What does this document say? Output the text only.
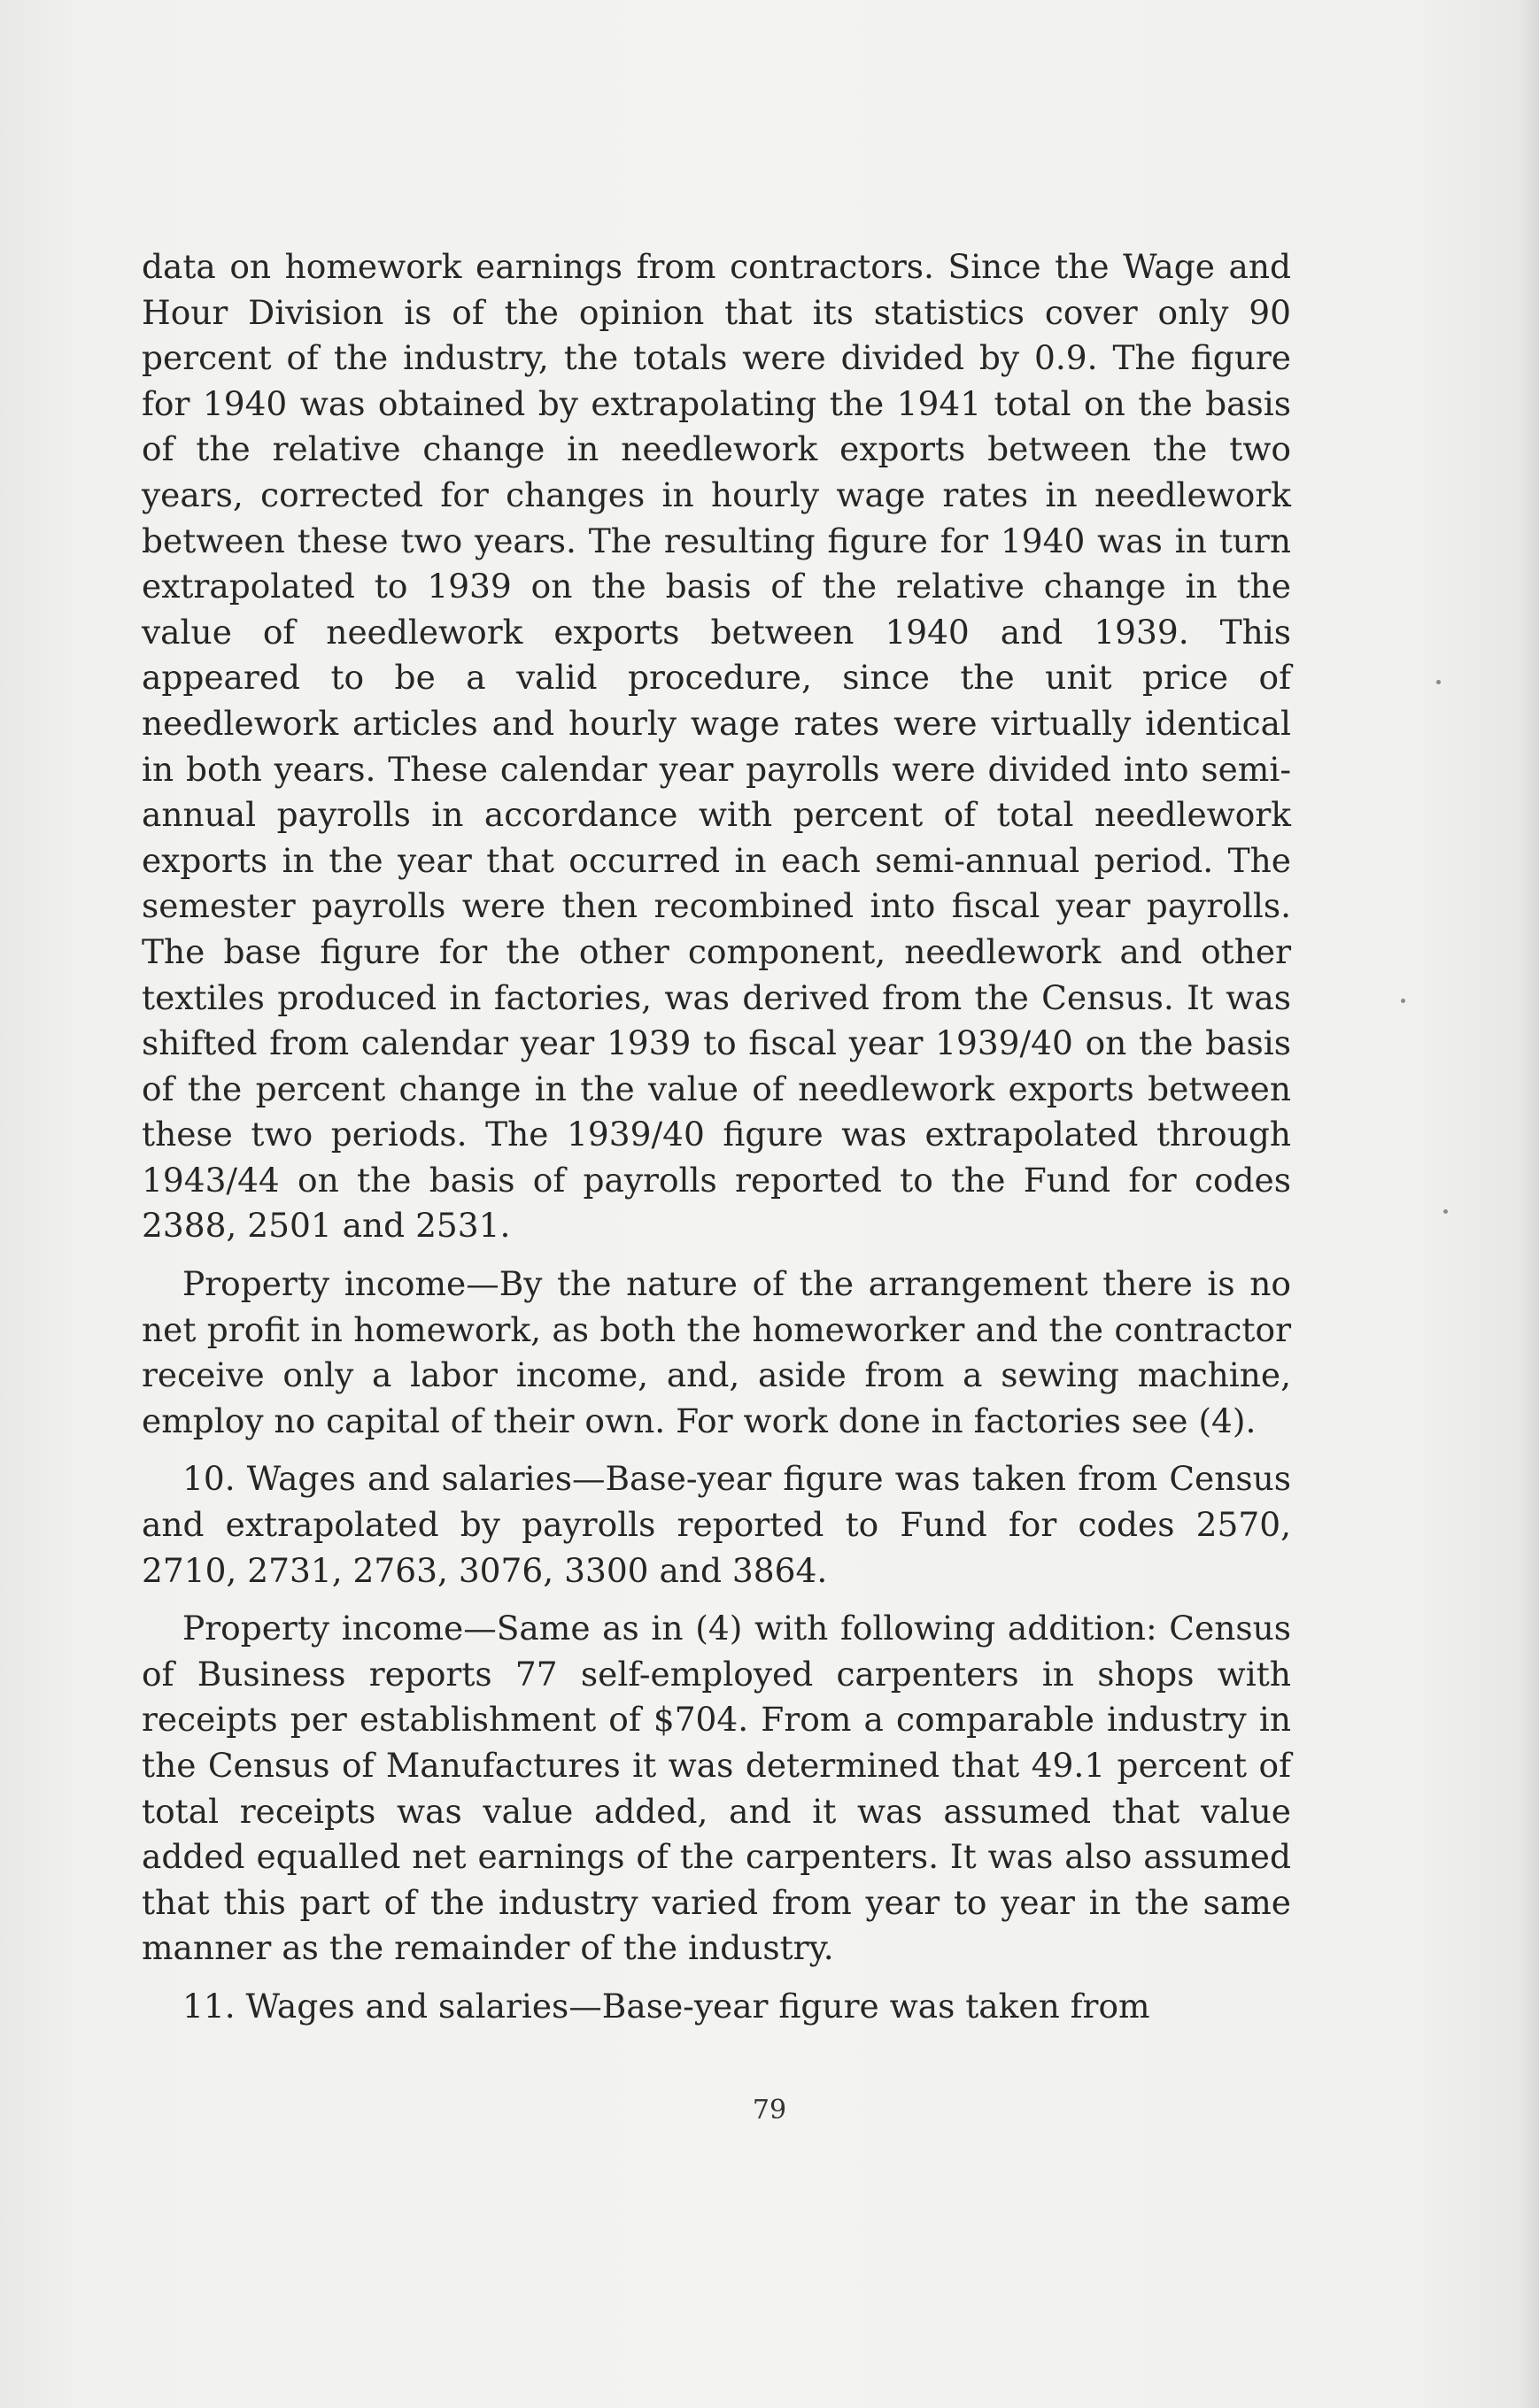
data on homework earnings from contractors. Since the Wage and Hour Division is of the opinion that its statistics cover only 90 percent of the industry, the totals were divided by 0.9. The figure for 1940 was obtained by extrapolating the 1941 total on the basis of the relative change in needlework exports between the two years, corrected for changes in hourly wage rates in needlework between these two years. The resulting figure for 1940 was in turn extrapolated to 1939 on the basis of the relative change in the value of needlework exports between 1940 and 1939. This appeared to be a valid procedure, since the unit price of needlework articles and hourly wage rates were virtually identical in both years. These calendar year payrolls were divided into semi-annual payrolls in accordance with percent of total needlework exports in the year that occurred in each semi-annual period. The semester payrolls were then recombined into fiscal year payrolls. The base figure for the other component, needlework and other textiles produced in factories, was derived from the Census. It was shifted from calendar year 1939 to fiscal year 1939/40 on the basis of the percent change in the value of needlework exports between these two periods. The 1939/40 figure was extrapolated through 1943/44 on the basis of payrolls reported to the Fund for codes 2388, 2501 and 2531.

Property income—By the nature of the arrangement there is no net profit in homework, as both the homeworker and the contractor receive only a labor income, and, aside from a sewing machine, employ no capital of their own. For work done in factories see (4).

10. Wages and salaries—Base-year figure was taken from Census and extrapolated by payrolls reported to Fund for codes 2570, 2710, 2731, 2763, 3076, 3300 and 3864.

Property income—Same as in (4) with following addition: Census of Business reports 77 self-employed carpenters in shops with receipts per establishment of $704. From a comparable industry in the Census of Manufactures it was determined that 49.1 percent of total receipts was value added, and it was assumed that value added equalled net earnings of the carpenters. It was also assumed that this part of the industry varied from year to year in the same manner as the remainder of the industry.

11. Wages and salaries—Base-year figure was taken from

79
